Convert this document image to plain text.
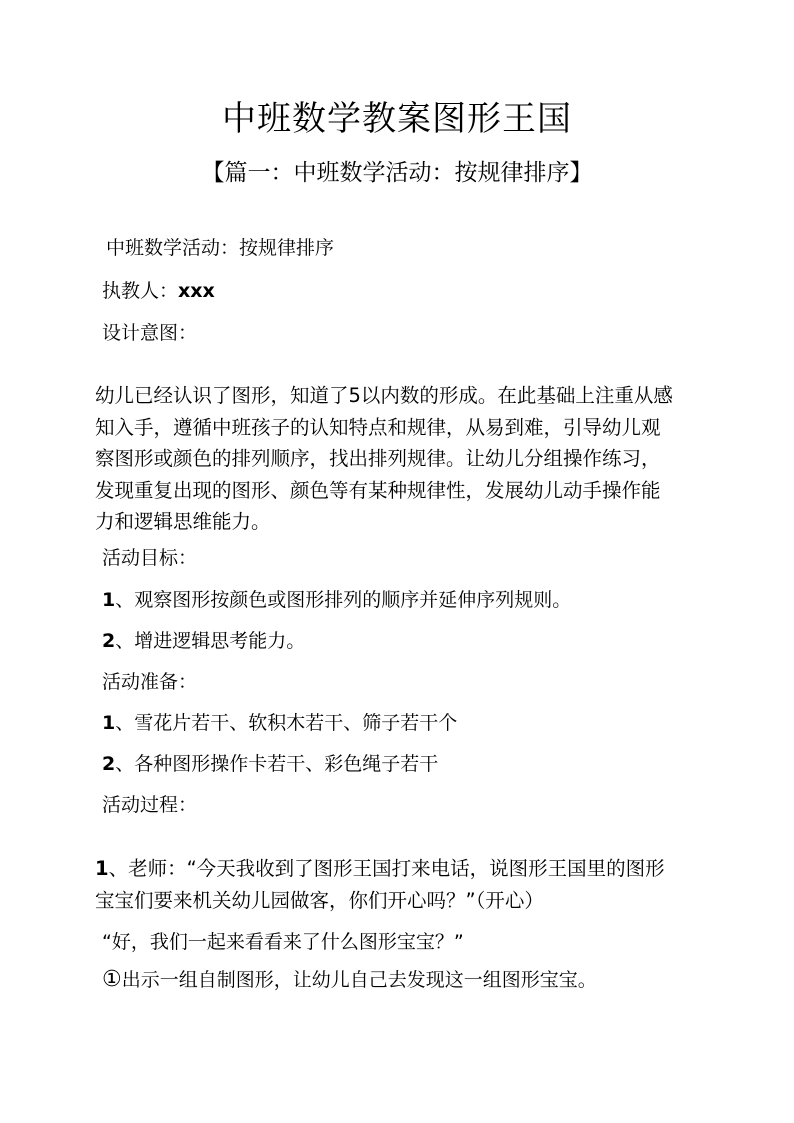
中班数学教案图形王国
【篇一：中班数学活动：按规律排序】
中班数学活动：按规律排序
执教人：xxx
设计意图：
幼儿已经认识了图形，知道了5以内数的形成。在此基础上注重从感
知入手，遵循中班孩子的认知特点和规律，从易到难，引导幼儿观
察图形或颜色的排列顺序，找出排列规律。让幼儿分组操作练习，
发现重复出现的图形、颜色等有某种规律性，发展幼儿动手操作能
力和逻辑思维能力。
活动目标：
1、观察图形按颜色或图形排列的顺序并延伸序列规则。
2、增进逻辑思考能力。
活动准备：
1、雪花片若干、软积木若干、筛子若干个
2、各种图形操作卡若干、彩色绳子若干
活动过程：
1、老师：“今天我收到了图形王国打来电话，说图形王国里的图形
宝宝们要来机关幼儿园做客，你们开心吗？”（开心）
“好，我们一起来看看来了什么图形宝宝？”
①出示一组自制图形，让幼儿自己去发现这一组图形宝宝。
